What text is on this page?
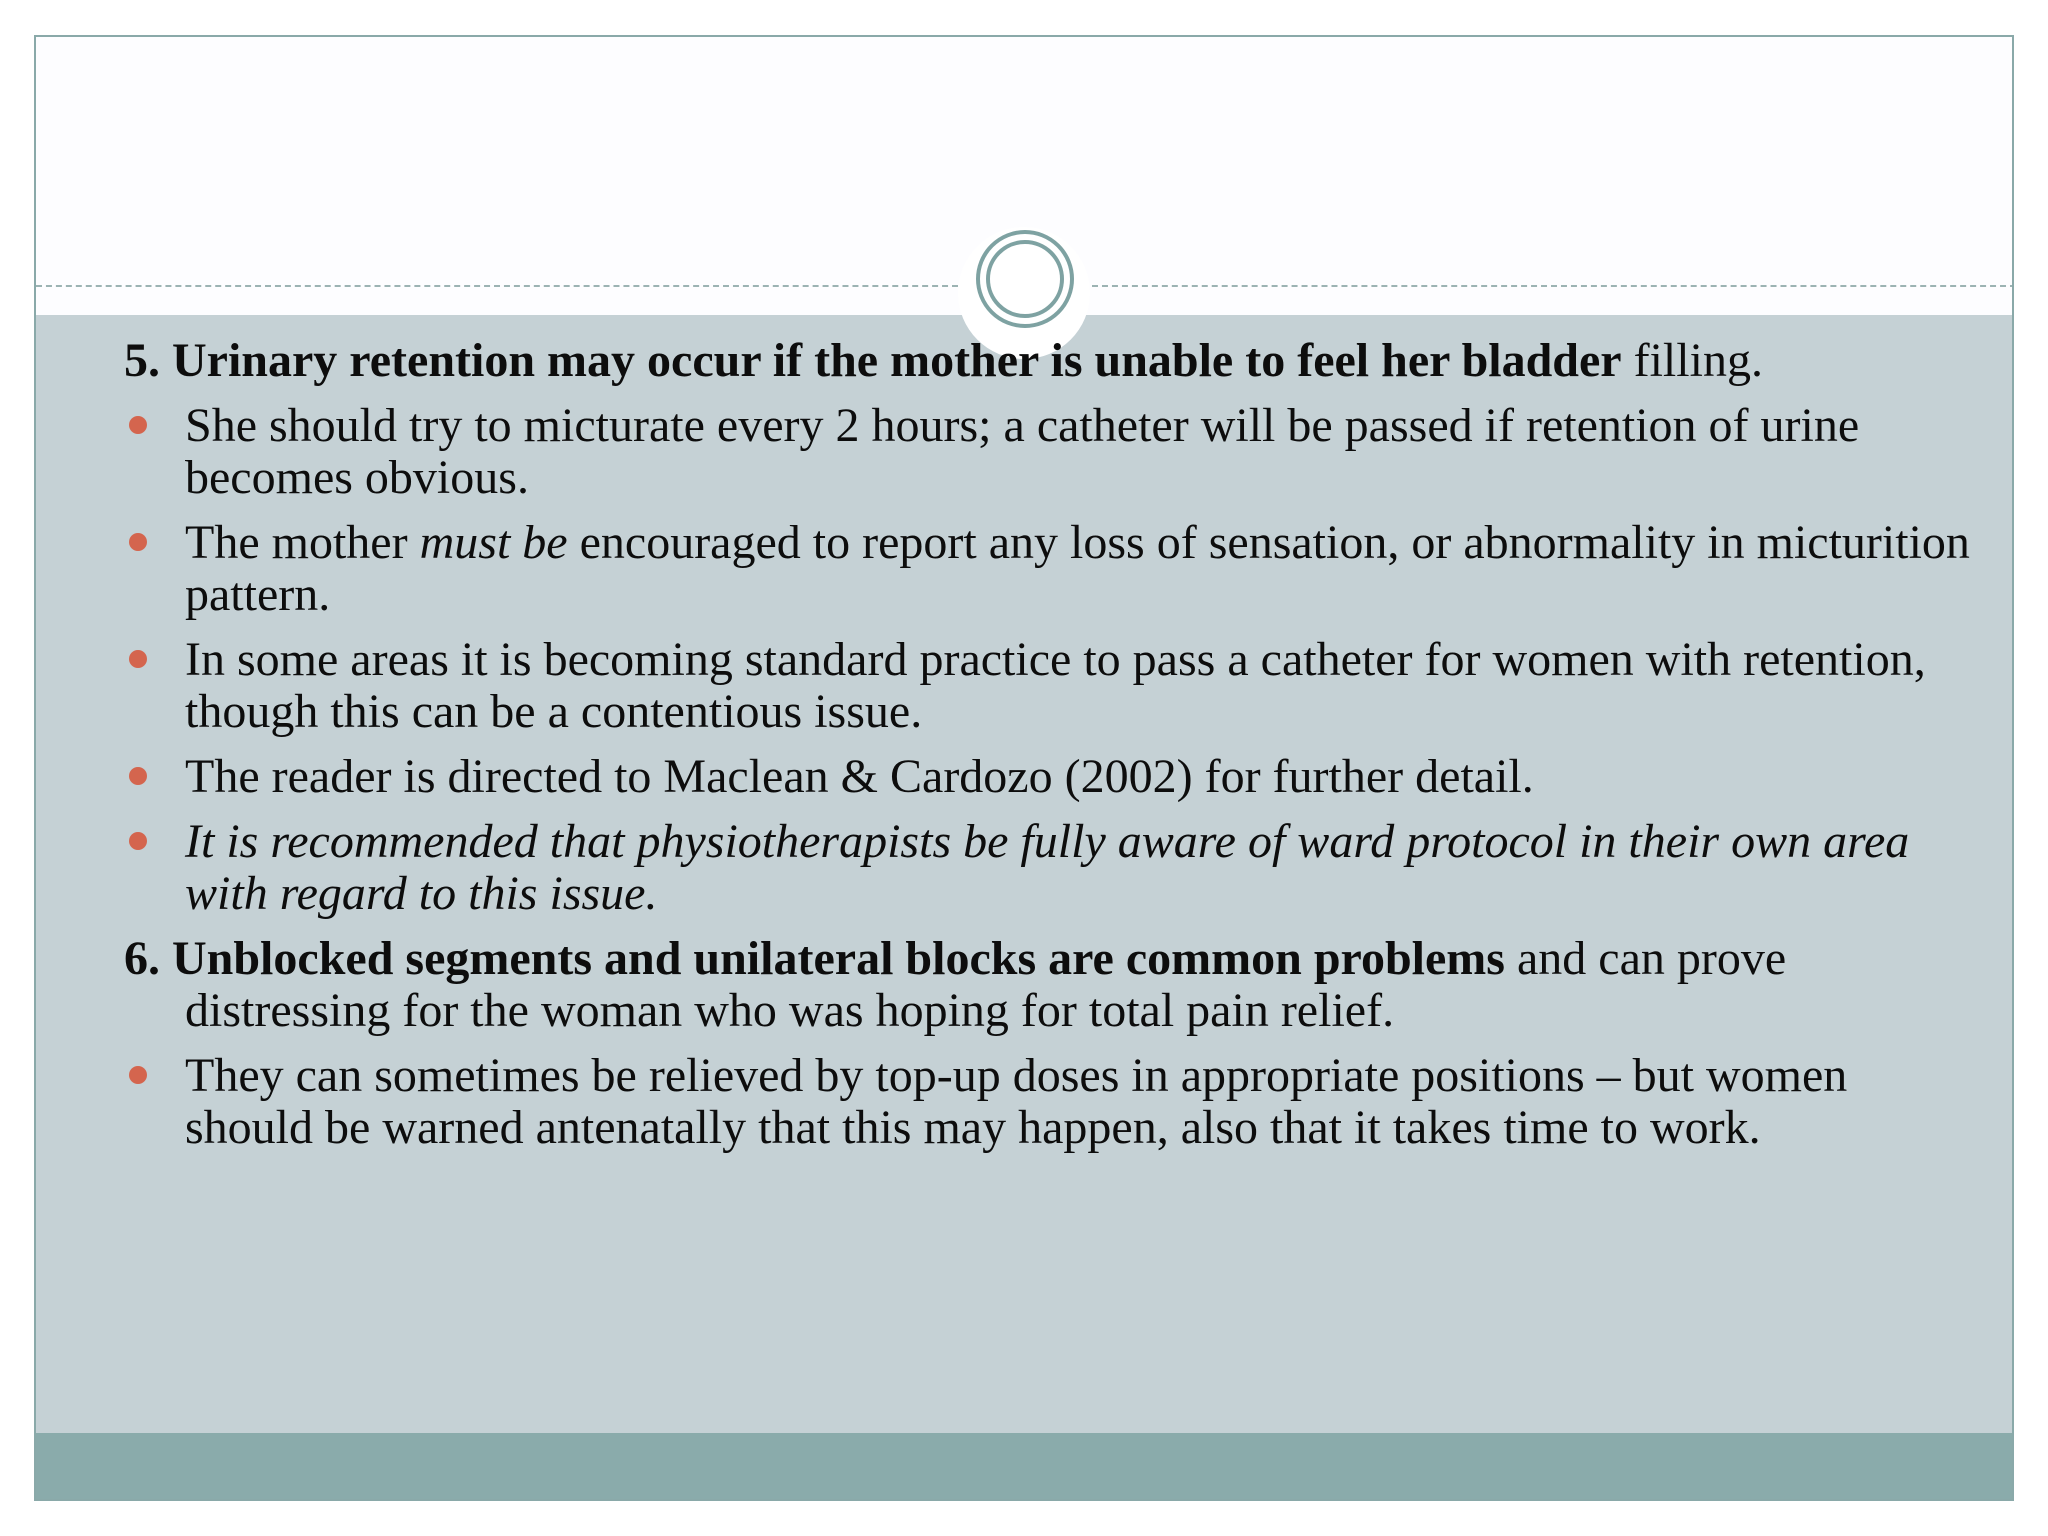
5. Urinary retention may occur if the mother is unable to feel her bladder filling.

She should try to micturate every 2 hours; a catheter will be passed if retention of urine becomes obvious.
The mother must be encouraged to report any loss of sensation, or abnormality in micturition pattern.
In some areas it is becoming standard practice to pass a catheter for women with retention, though this can be a contentious issue.
The reader is directed to Maclean & Cardozo (2002) for further detail.
It is recommended that physiotherapists be fully aware of ward protocol in their own area with regard to this issue.

6. Unblocked segments and unilateral blocks are common problems and can prove distressing for the woman who was hoping for total pain relief.

They can sometimes be relieved by top-up doses in appropriate positions – but women should be warned antenatally that this may happen, also that it takes time to work.
